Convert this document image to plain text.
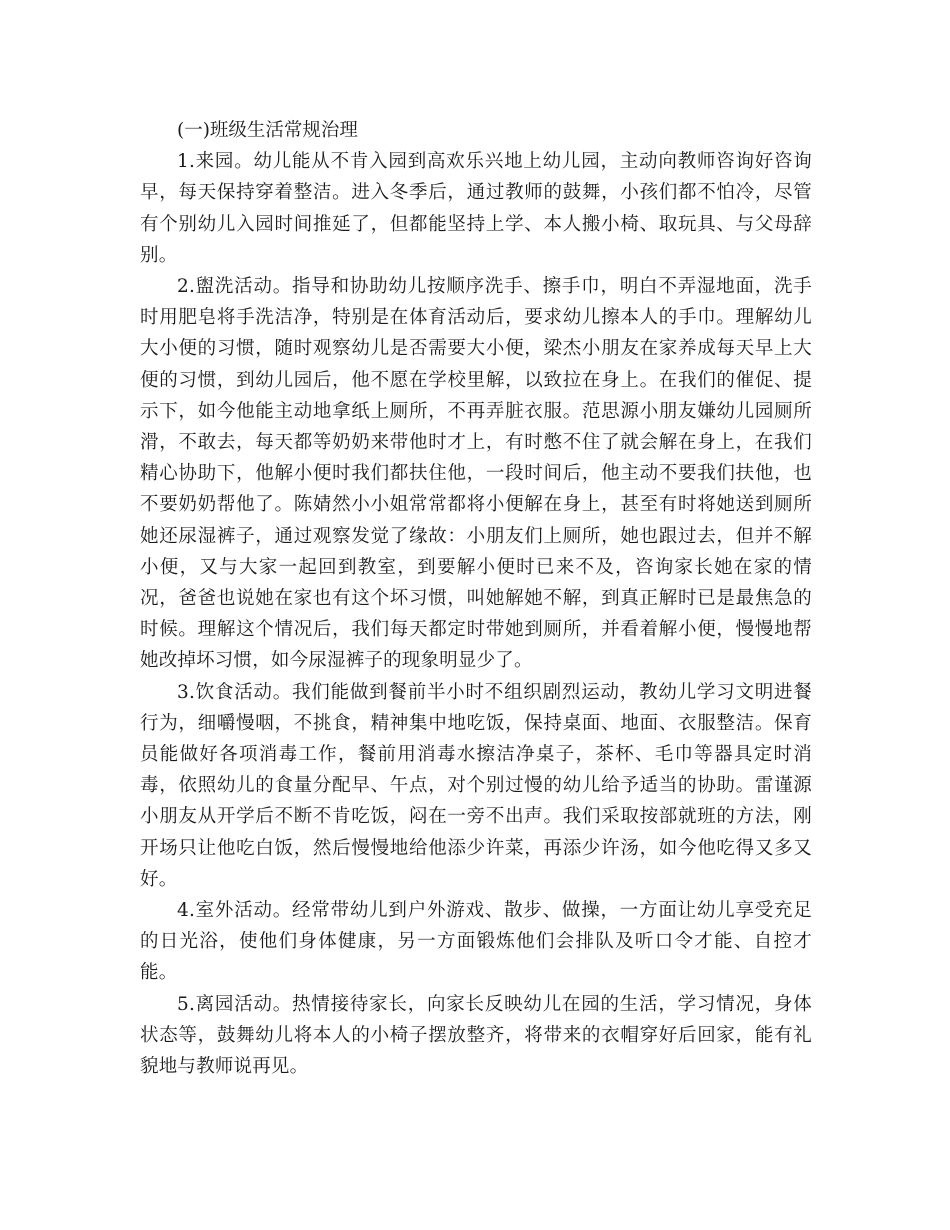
(一)班级生活常规治理

1.来园。幼儿能从不肯入园到高欢乐兴地上幼儿园，主动向教师咨询好咨询早，每天保持穿着整洁。进入冬季后，通过教师的鼓舞，小孩们都不怕冷，尽管有个别幼儿入园时间推延了，但都能坚持上学、本人搬小椅、取玩具、与父母辞别。

2.盥洗活动。指导和协助幼儿按顺序洗手、擦手巾，明白不弄湿地面，洗手时用肥皂将手洗洁净，特别是在体育活动后，要求幼儿擦本人的手巾。理解幼儿大小便的习惯，随时观察幼儿是否需要大小便，梁杰小朋友在家养成每天早上大便的习惯，到幼儿园后，他不愿在学校里解，以致拉在身上。在我们的催促、提示下，如今他能主动地拿纸上厕所，不再弄脏衣服。范思源小朋友嫌幼儿园厕所滑，不敢去，每天都等奶奶来带他时才上，有时憋不住了就会解在身上，在我们精心协助下，他解小便时我们都扶住他，一段时间后，他主动不要我们扶他，也不要奶奶帮他了。陈婧然小小姐常常都将小便解在身上，甚至有时将她送到厕所她还尿湿裤子，通过观察发觉了缘故：小朋友们上厕所，她也跟过去，但并不解小便，又与大家一起回到教室，到要解小便时已来不及，咨询家长她在家的情况，爸爸也说她在家也有这个坏习惯，叫她解她不解，到真正解时已是最焦急的时候。理解这个情况后，我们每天都定时带她到厕所，并看着解小便，慢慢地帮她改掉坏习惯，如今尿湿裤子的现象明显少了。

3.饮食活动。我们能做到餐前半小时不组织剧烈运动，教幼儿学习文明进餐行为，细嚼慢咽，不挑食，精神集中地吃饭，保持桌面、地面、衣服整洁。保育员能做好各项消毒工作，餐前用消毒水擦洁净桌子，茶杯、毛巾等器具定时消毒，依照幼儿的食量分配早、午点，对个别过慢的幼儿给予适当的协助。雷谨源小朋友从开学后不断不肯吃饭，闷在一旁不出声。我们采取按部就班的方法，刚开场只让他吃白饭，然后慢慢地给他添少许菜，再添少许汤，如今他吃得又多又好。

4.室外活动。经常带幼儿到户外游戏、散步、做操，一方面让幼儿享受充足的日光浴，使他们身体健康，另一方面锻炼他们会排队及听口令才能、自控才能。

5.离园活动。热情接待家长，向家长反映幼儿在园的生活，学习情况，身体状态等，鼓舞幼儿将本人的小椅子摆放整齐，将带来的衣帽穿好后回家，能有礼貌地与教师说再见。
